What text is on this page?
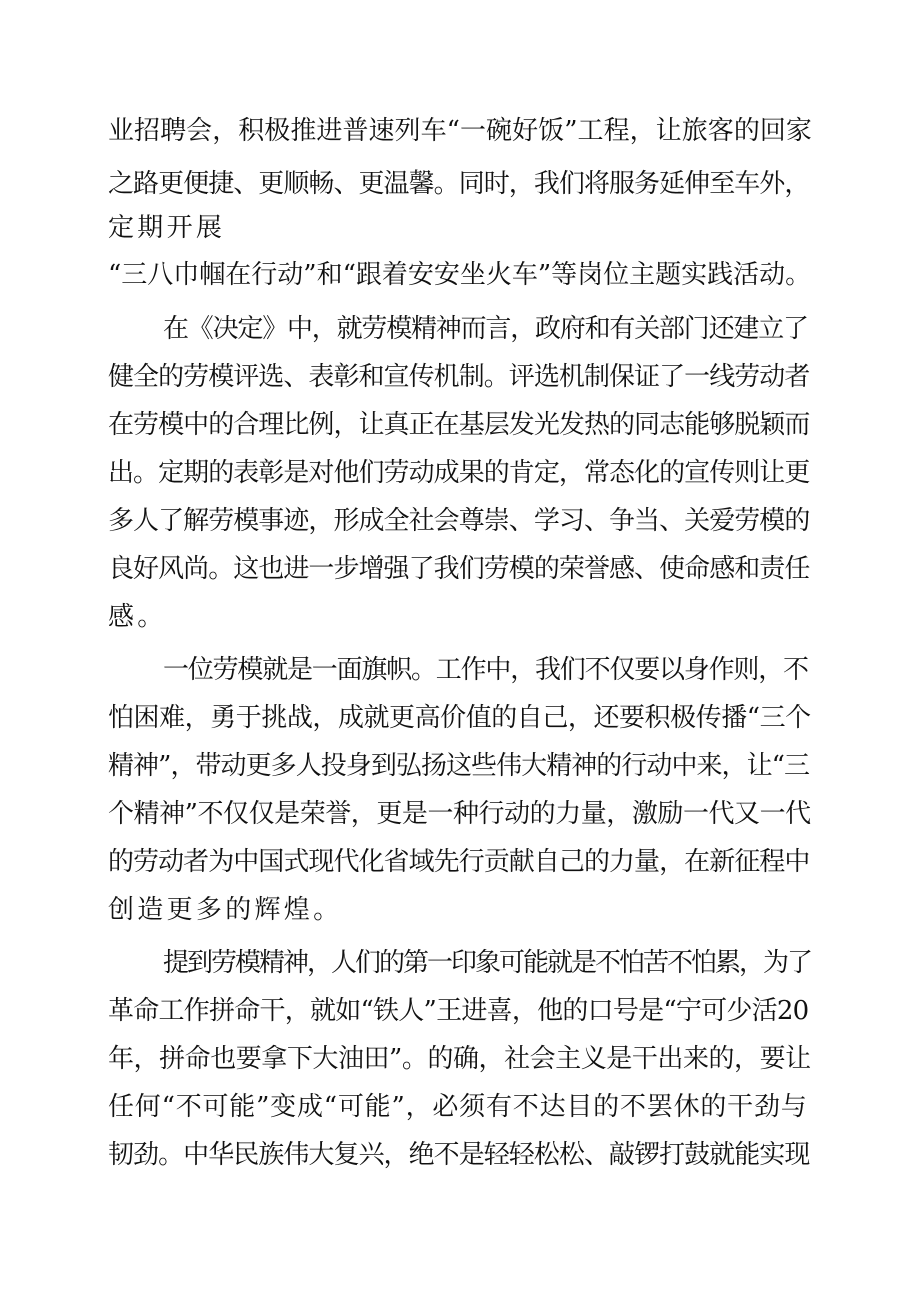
业招聘会，积极推进普速列车“一碗好饭”工程，让旅客的回家
之路更便捷、更顺畅、更温馨。同时，我们将服务延伸至车外，
定期开展
“三八巾帼在行动”和“跟着安安坐火车”等岗位主题实践活动。
在《决定》中，就劳模精神而言，政府和有关部门还建立了
健全的劳模评选、表彰和宣传机制。评选机制保证了一线劳动者
在劳模中的合理比例，让真正在基层发光发热的同志能够脱颖而
出。定期的表彰是对他们劳动成果的肯定，常态化的宣传则让更
多人了解劳模事迹，形成全社会尊崇、学习、争当、关爱劳模的
良好风尚。这也进一步增强了我们劳模的荣誉感、使命感和责任
感。
一位劳模就是一面旗帜。工作中，我们不仅要以身作则，不
怕困难，勇于挑战，成就更高价值的自己，还要积极传播“三个
精神”，带动更多人投身到弘扬这些伟大精神的行动中来，让“三
个精神”不仅仅是荣誉，更是一种行动的力量，激励一代又一代
的劳动者为中国式现代化省域先行贡献自己的力量，在新征程中
创造更多的辉煌。
提到劳模精神，人们的第一印象可能就是不怕苦不怕累，为了
革命工作拼命干，就如“铁人”王进喜，他的口号是“宁可少活20
年，拼命也要拿下大油田”。的确，社会主义是干出来的，要让
任何“不可能”变成“可能”，必须有不达目的不罢休的干劲与
韧劲。中华民族伟大复兴，绝不是轻轻松松、敲锣打鼓就能实现
